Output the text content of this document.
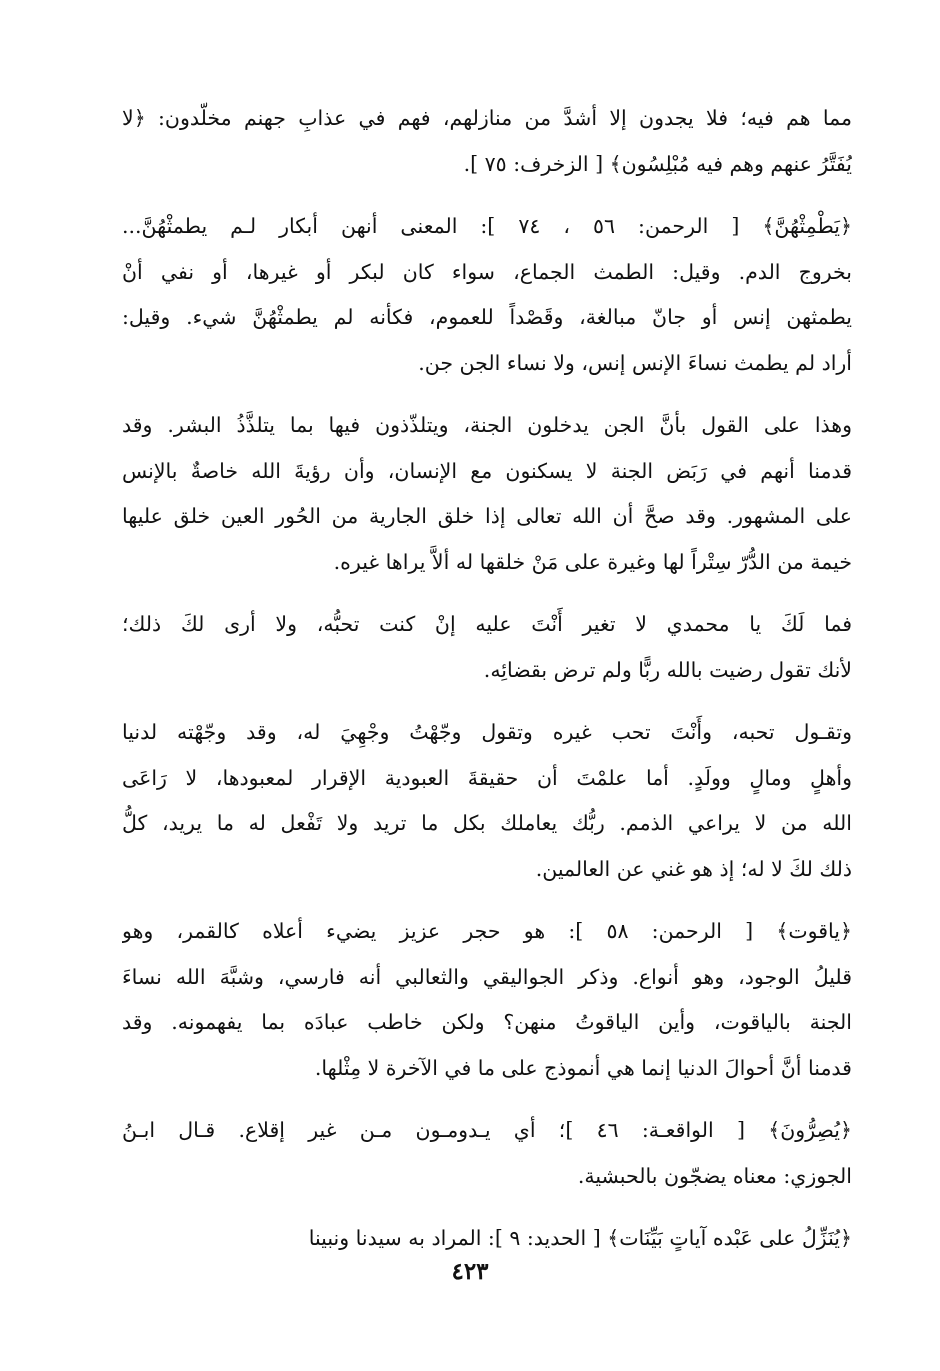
مما هم فيه؛ فلا يجدون إلا أشدَّ من منازلهم، فهم في عذابِ جهنم مخلّدون: ﴿لا
يُفَتَّرُ عنهم وهم فيه مُبْلِسُون﴾ [ الزخرف: ٧٥ ].

﴿يَطْمِثْهُنَّ﴾ [ الرحمن: ٥٦ ، ٧٤ ]: المعنى أنهن أبكار لـم يطمثْهُنَّ...
بخروج الدم. وقيل: الطمث الجماع، سواء كان لبكر أو غيرها، أو نفي أنْ
يطمثهن إنس أو جانّ مبالغة، وقَصْداً للعموم، فكأنه لم يطمثْهُنَّ شيء. وقيل:
أراد لم يطمث نساءَ الإنس إنس، ولا نساء الجن جن.

وهذا على القول بأنَّ الجن يدخلون الجنة، ويتلذّذون فيها بما يتلذَّذُ البشر. وقد
قدمنا أنهم في رَبَض الجنة لا يسكنون مع الإنسان، وأن رؤيةَ الله خاصةٌ بالإنس
على المشهور. وقد صحَّ أن الله تعالى إذا خلق الجارية من الحُور العين خلق عليها
خيمة من الدُّرّ سِتْراً لها وغيرة على مَنْ خلقها له ألاَّ يراها غيره.

فما لَكَ يا محمدي لا تغير أَنْتَ عليه إنْ كنت تحبُّه، ولا أرى لكَ ذلك؛
لأنك تقول رضيت بالله ربًّا ولم ترض بقضائِه.

وتقـول تحبه، وأَنْتَ تحب غيره وتقول وجّهْتُ وجْهِيَ له، وقد وجّهْته لدنيا
وأهلٍ ومالٍ وولَدٍ. أما علمْتَ أن حقيقةَ العبودية الإقرار لمعبودها، لا رَاعَى
الله من لا يراعي الذمم. ربُّك يعاملك بكل ما تريد ولا تَفْعل له ما يريد، كلُّ
ذلك لكَ لا له؛ إذ هو غني عن العالمين.

﴿ياقوت﴾ [ الرحمن: ٥٨ ]: هو حجر عزيز يضيء أعلاه كالقمر، وهو
قليلُ الوجود، وهو أنواع. وذكر الجواليقي والثعالبي أنه فارسي، وشبَّهَ الله نساءَ
الجنة بالياقوت، وأين الياقوتُ منهن؟ ولكن خاطب عبادَه بما يفهمونه. وقد
قدمنا أنَّ أحوالَ الدنيا إنما هي أنموذج على ما في الآخرة لا مِثْلها.

﴿يُصِرُّونَ﴾ [ الواقعـة: ٤٦ ]؛ أي يـدومـون مـن غير إقلاع. قـال ابـنُ
الجوزي: معناه يضجّون بالحبشية.

﴿يُنَزِّلُ على عَبْده آياتٍ بَيِّنَات﴾ [ الحديد: ٩ ]: المراد به سيدنا ونبينا

٤٢٣
